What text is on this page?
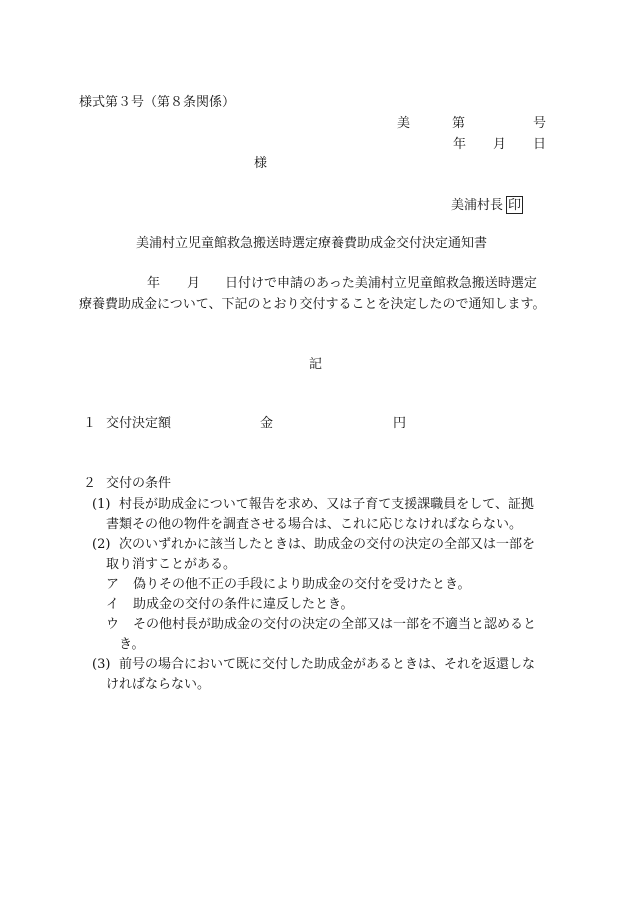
様式第３号（第８条関係）
美	第	号
年 月 日
様
美浦村長 印
美浦村立児童館救急搬送時選定療養費助成金交付決定通知書
年 月 日付けで申請のあった美浦村立児童館救急搬送時選定
療養費助成金について、下記のとおり交付することを決定したので通知します。
記
１ 交付決定額	金	円
２ 交付の条件
(1) 村長が助成金について報告を求め、又は子育て支援課職員をして、証拠
書類その他の物件を調査させる場合は、これに応じなければならない。
(2) 次のいずれかに該当したときは、助成金の交付の決定の全部又は一部を
取り消すことがある。
ア 偽りその他不正の手段により助成金の交付を受けたとき。
イ 助成金の交付の条件に違反したとき。
ウ その他村長が助成金の交付の決定の全部又は一部を不適当と認めると
き。
(3) 前号の場合において既に交付した助成金があるときは、それを返還しな
ければならない。
